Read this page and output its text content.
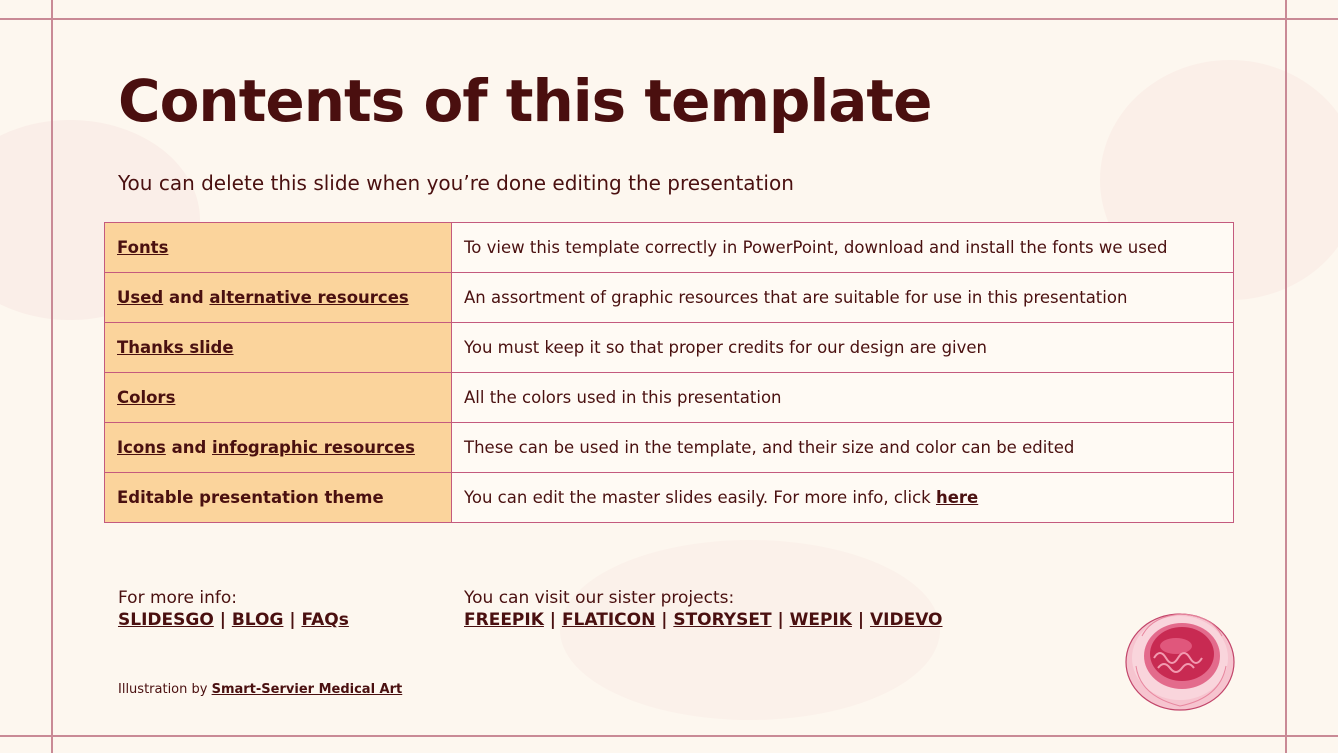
Contents of this template

You can delete this slide when you’re done editing the presentation

Fonts	To view this template correctly in PowerPoint, download and install the fonts we used
Used and alternative resources	An assortment of graphic resources that are suitable for use in this presentation
Thanks slide	You must keep it so that proper credits for our design are given
Colors	All the colors used in this presentation
Icons and infographic resources	These can be used in the template, and their size and color can be edited
Editable presentation theme	You can edit the master slides easily. For more info, click here
For more info:
SLIDESGO | BLOG | FAQs
You can visit our sister projects:
FREEPIK | FLATICON | STORYSET | WEPIK | VIDEVO
Illustration by Smart-Servier Medical Art
